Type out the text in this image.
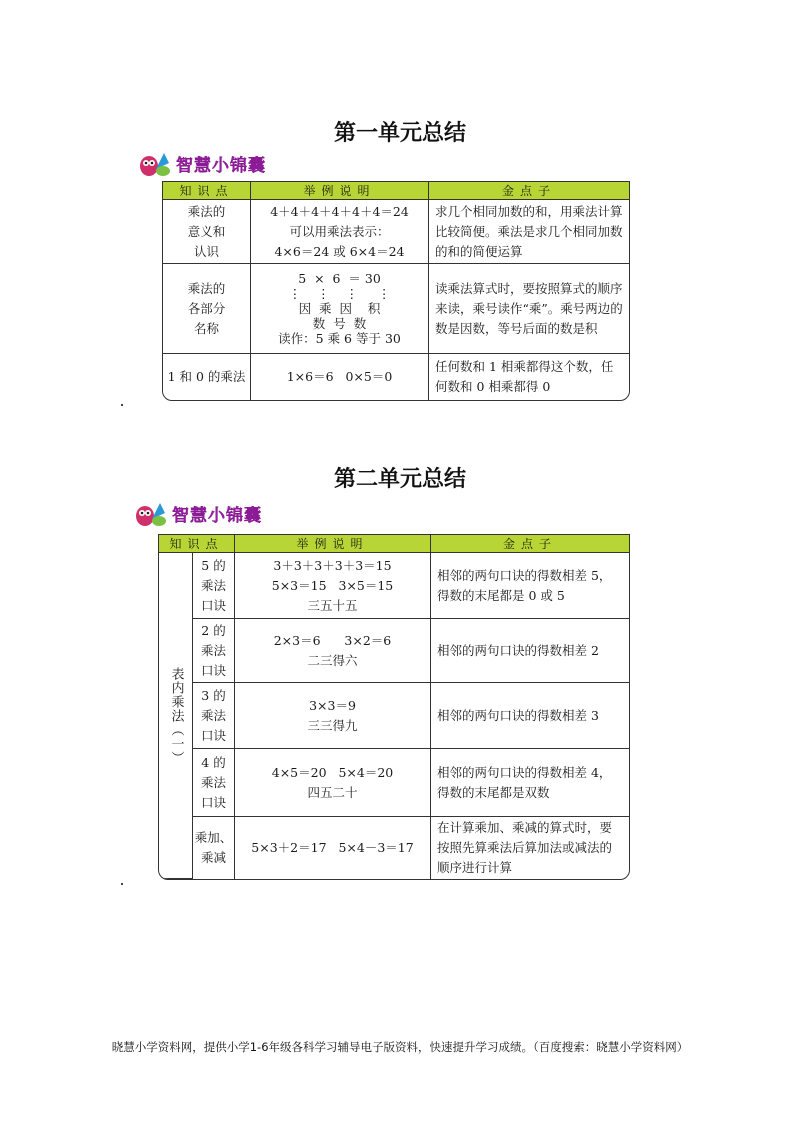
第一单元总结
智慧小锦囊
知识点	举例说明	金点子
乘法的
意义和
认识	4＋4＋4＋4＋4＋4＝24
可以用乘法表示：
4×6＝24 或 6×4＝24	求几个相同加数的和，用乘法计算比较简便。乘法是求几个相同加数的和的简便运算
乘法的
各部分
名称	5  ×  6  ＝ 30
⋮    ⋮    ⋮     ⋮
因  乘  因    积
数  号  数
读作：5 乘 6 等于 30	读乘法算式时，要按照算式的顺序来读，乘号读作“乘”。乘号两边的数是因数，等号后面的数是积
1 和 0 的乘法	1×6＝6   0×5＝0	任何数和 1 相乘都得这个数，任何数和 0 相乘都得 0
第二单元总结
智慧小锦囊
知识点		举例说明	金点子

表内乘法（一）	5 的
乘法
口诀	3＋3＋3＋3＋3＝15
5×3＝15   3×5＝15
三五十五	相邻的两句口诀的得数相差 5，得数的末尾都是 0 或 5
	2 的
乘法
口诀	2×3＝6      3×2＝6
二三得六	相邻的两句口诀的得数相差 2
	3 的
乘法
口诀	3×3＝9
三三得九	相邻的两句口诀的得数相差 3
	4 的
乘法
口诀	4×5＝20   5×4＝20
四五二十	相邻的两句口诀的得数相差 4，得数的末尾都是双数
	乘加、
乘减	5×3＋2＝17   5×4－3＝17	在计算乘加、乘减的算式时，要按照先算乘法后算加法或减法的顺序进行计算
晓慧小学资料网，提供小学1-6年级各科学习辅导电子版资料，快速提升学习成绩。（百度搜索：晓慧小学资料网）
